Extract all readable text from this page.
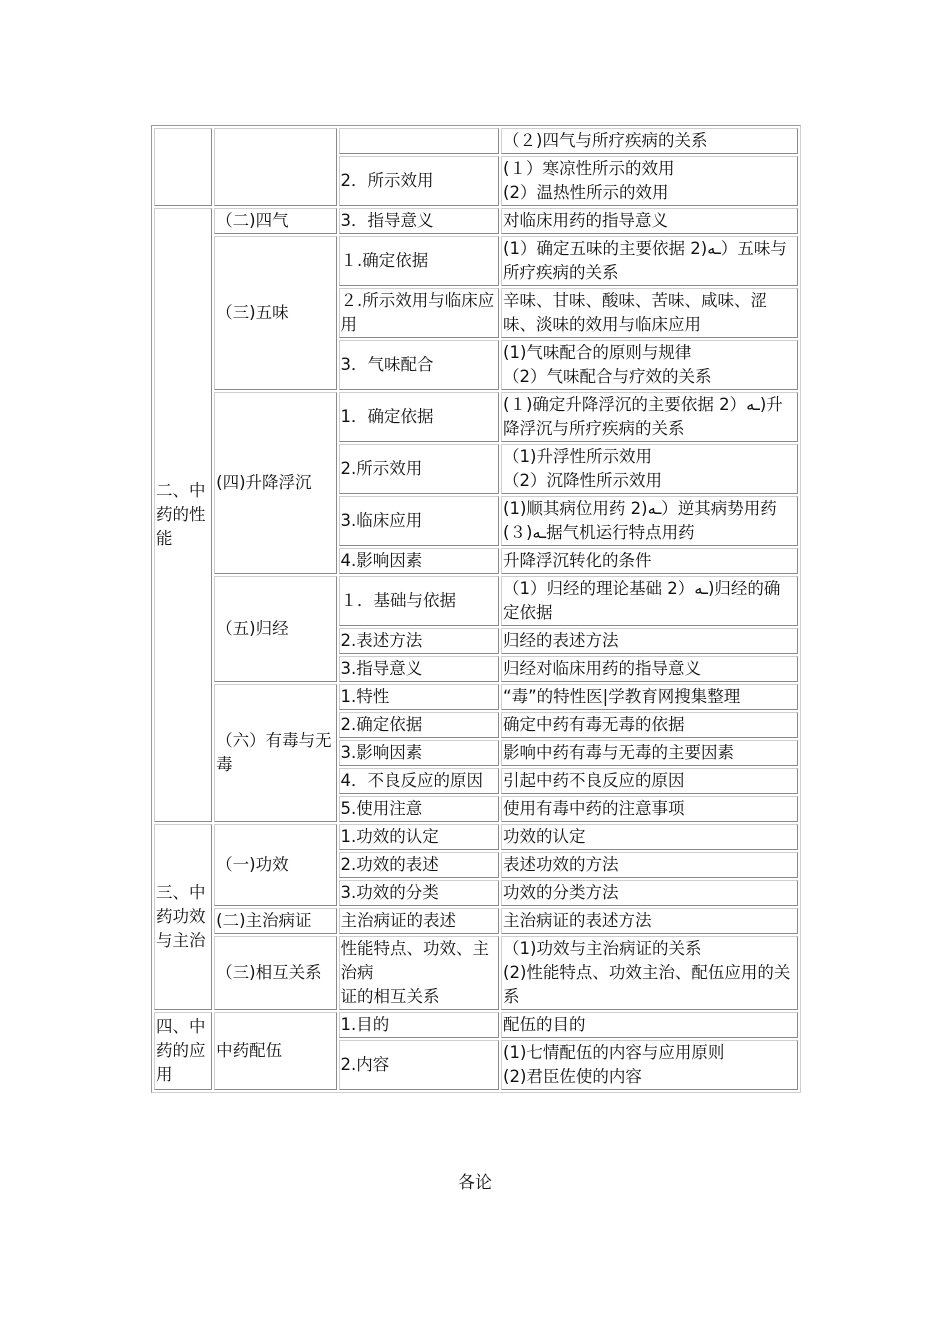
			（２)四气与所疗疾病的关系
		2．所示效用	(１）寒凉性所示的效用
(2）温热性所示的效用
二、中药的性能	（二)四气	3．指导意义	对临床用药的指导意义
	（三)五味	１.确定依据	(1）确定五味的主要依据 2)ـه）五味与所疗疾病的关系
		２.所示效用与临床应用	辛味、甘味、酸味、苦味、咸味、涩味、淡味的效用与临床应用
		3．气味配合	(1)气味配合的原则与规律
（2）气味配合与疗效的关系
	(四)升降浮沉	1．确定依据	(１)确定升降浮沉的主要依据 2）ـه)升降浮沉与所疗疾病的关系
		2.所示效用	（1)升浮性所示效用
（2）沉降性所示效用
		3.临床应用	(1)顺其病位用药 2)ـه）逆其病势用药
(３)ـه据气机运行特点用药
		4.影响因素	升降浮沉转化的条件
	（五)归经	１．基础与依据	（1）归经的理论基础 2）ـه)归经的确定依据
		2.表述方法	归经的表述方法
		3.指导意义	归经对临床用药的指导意义
	（六）有毒与无毒	1.特性	“毒”的特性医|学教育网搜集整理
		2.确定依据	确定中药有毒无毒的依据
		3.影响因素	影响中药有毒与无毒的主要因素
		4．不良反应的原因	引起中药不良反应的原因
		5.使用注意	使用有毒中药的注意事项
三、中药功效与主治	（一)功效	1.功效的认定	功效的认定
		2.功效的表述	表述功效的方法
		3.功效的分类	功效的分类方法
	(二)主治病证	主治病证的表述	主治病证的表述方法
	（三)相互关系	性能特点、功效、主治病
证的相互关系	（1)功效与主治病证的关系
(2)性能特点、功效主治、配伍应用的关系
四、中药的应用	中药配伍	1.目的	配伍的目的
		2.内容	(1)七情配伍的内容与应用原则
(2)君臣佐使的内容
各论
